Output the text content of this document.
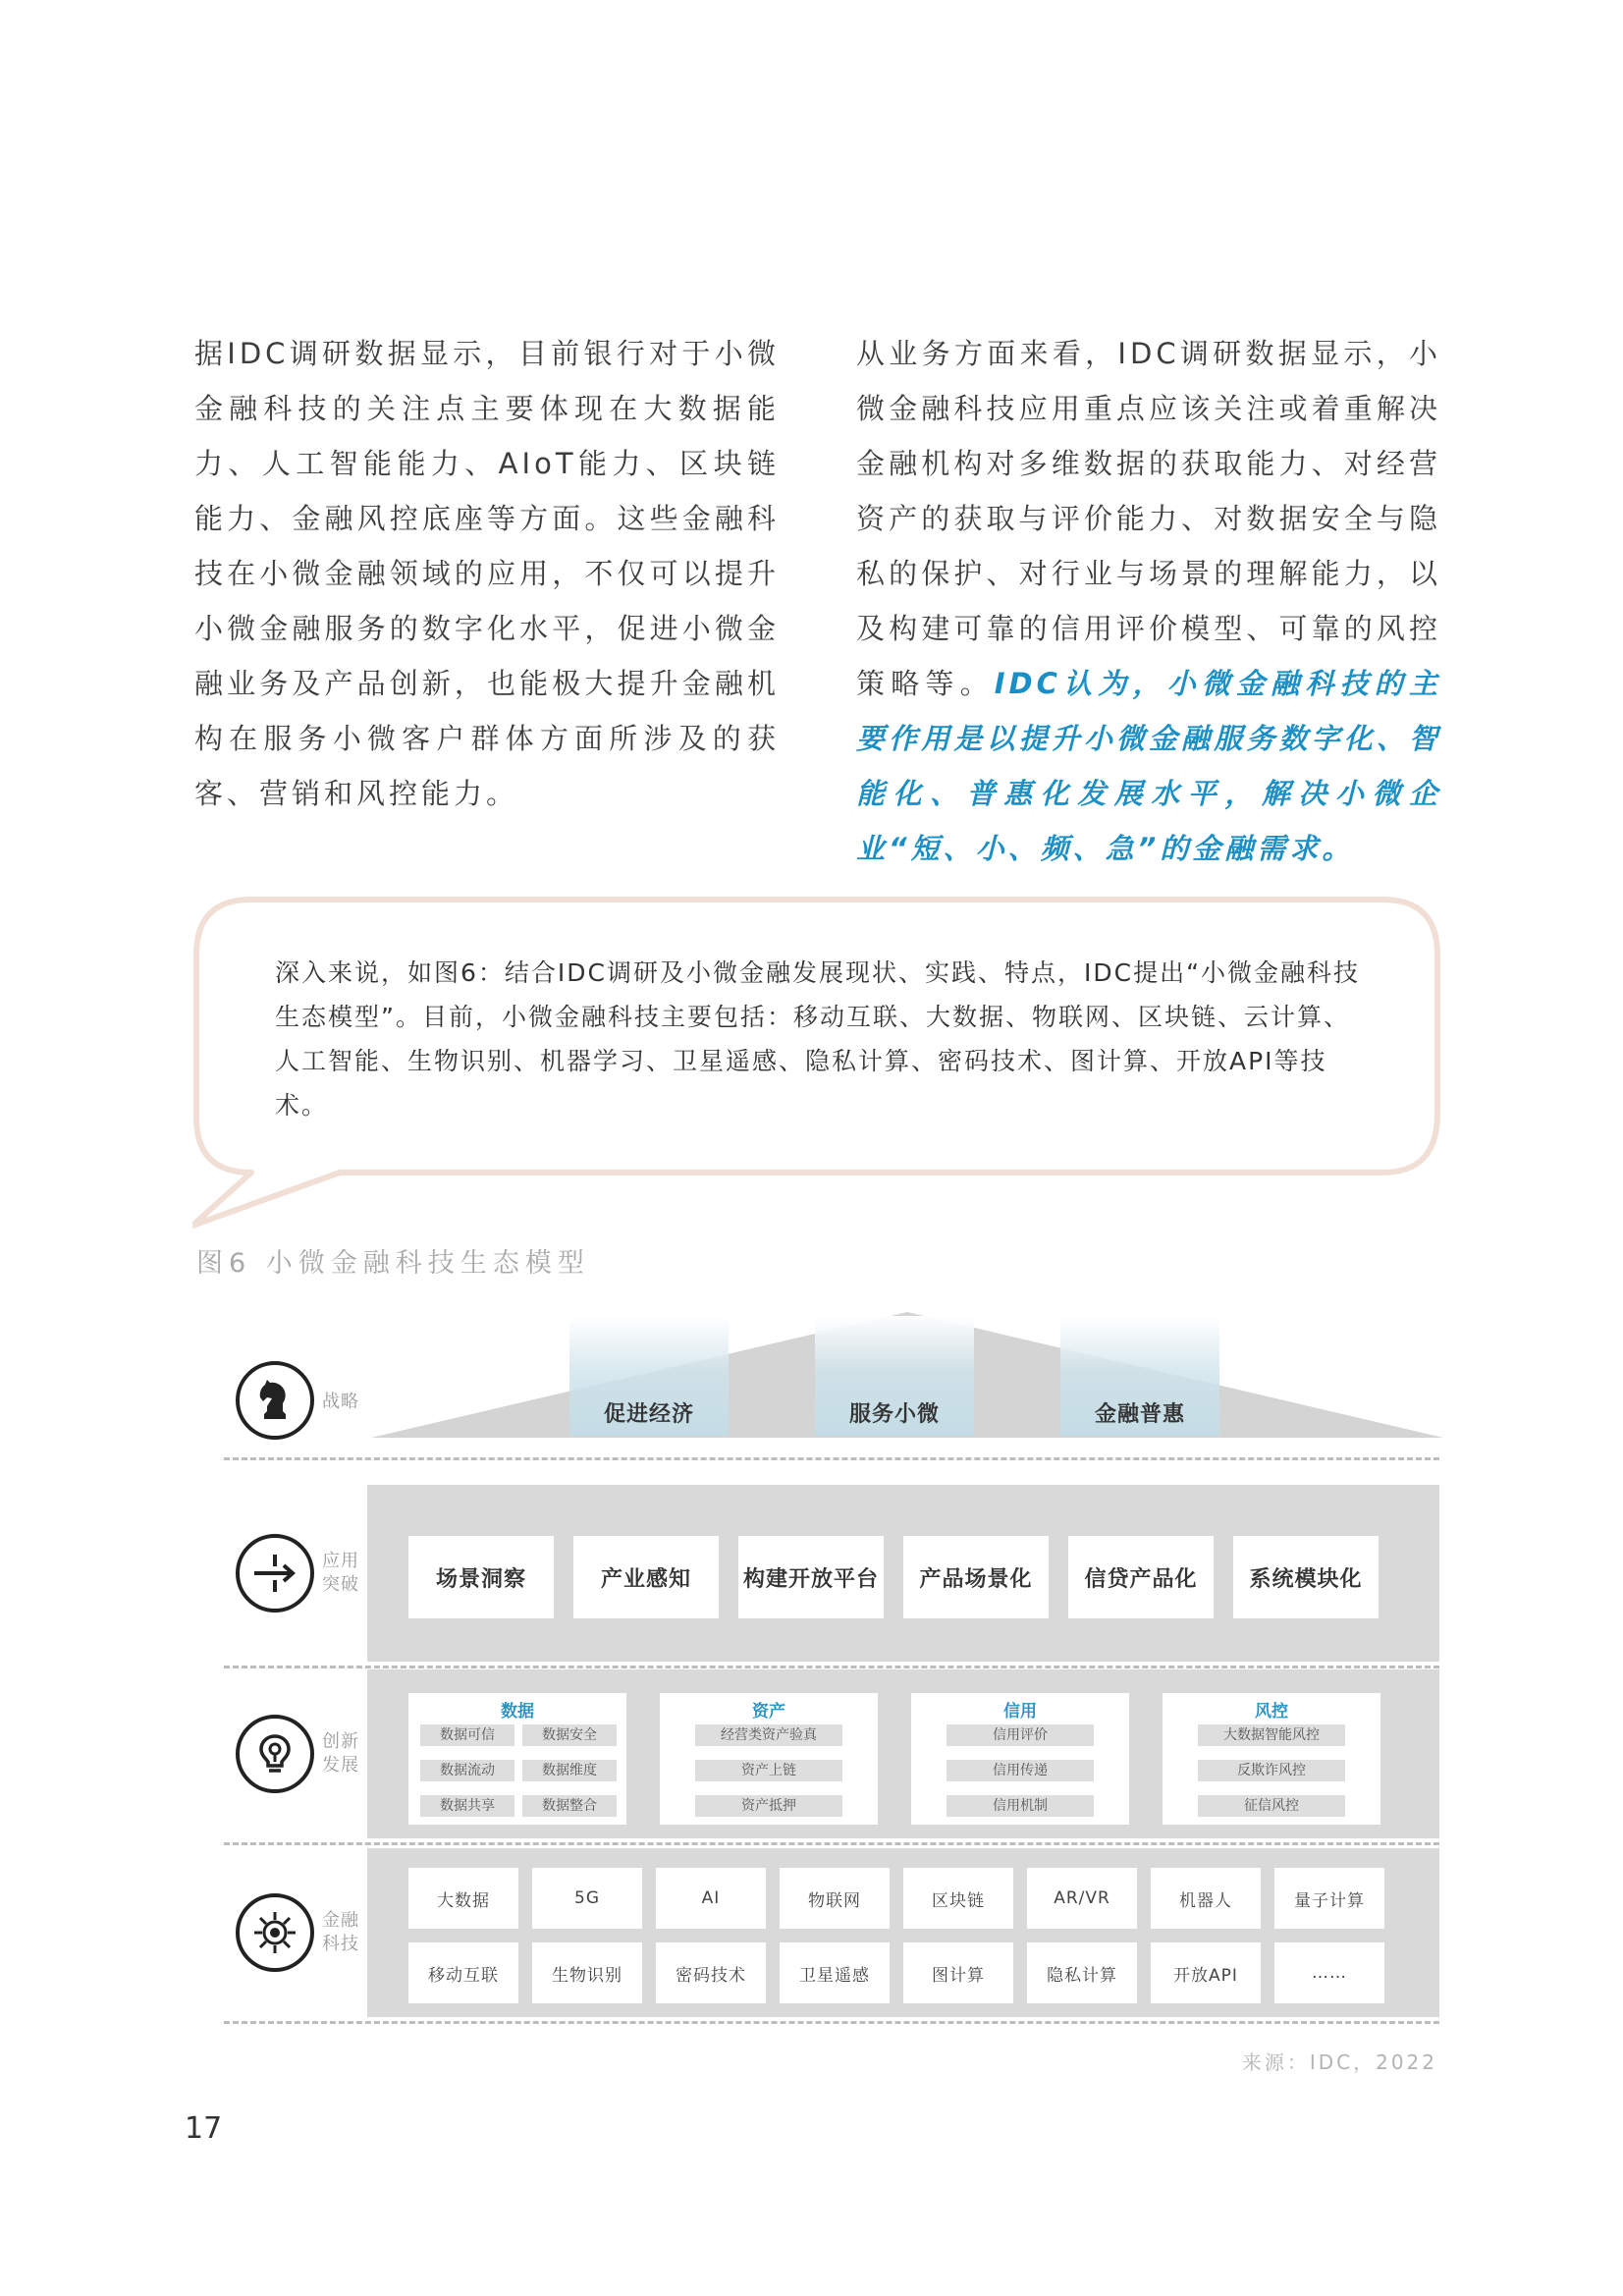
据IDC调研数据显示，目前银行对于小微金融科技的关注点主要体现在大数据能力、人工智能能力、AIoT能力、区块链能力、金融风控底座等方面。这些金融科技在小微金融领域的应用，不仅可以提升小微金融服务的数字化水平，促进小微金融业务及产品创新，也能极大提升金融机构在服务小微客户群体方面所涉及的获客、营销和风控能力。

从业务方面来看，IDC调研数据显示，小微金融科技应用重点应该关注或着重解决金融机构对多维数据的获取能力、对经营资产的获取与评价能力、对数据安全与隐私的保护、对行业与场景的理解能力，以及构建可靠的信用评价模型、可靠的风控策略等。IDC认为，小微金融科技的主要作用是以提升小微金融服务数字化、智能化、普惠化发展水平，解决小微企业“短、小、频、急”的金融需求。

深入来说，如图6：结合IDC调研及小微金融发展现状、实践、特点，IDC提出“小微金融科技生态模型”。目前，小微金融科技主要包括：移动互联、大数据、物联网、区块链、云计算、人工智能、生物识别、机器学习、卫星遥感、隐私计算、密码技术、图计算、开放API等技术。
图6 小微金融科技生态模型
促进经济	服务小微	金融普惠
战略
场景洞察	产业感知	构建开放平台	产品场景化	信贷产品化	系统模块化
应用突破
数据
数据可信	数据安全
数据流动	数据维度
数据共享	数据整合
资产
经营类资产验真
资产上链
资产抵押
信用
信用评价
信用传递
信用机制
风控
大数据智能风控
反欺诈风控
征信风控
创新发展
大数据	5G	AI	物联网	区块链	AR/VR	机器人	量子计算
移动互联	生物识别	密码技术	卫星遥感	图计算	隐私计算	开放API	……
金融科技
来源：IDC，2022
17
